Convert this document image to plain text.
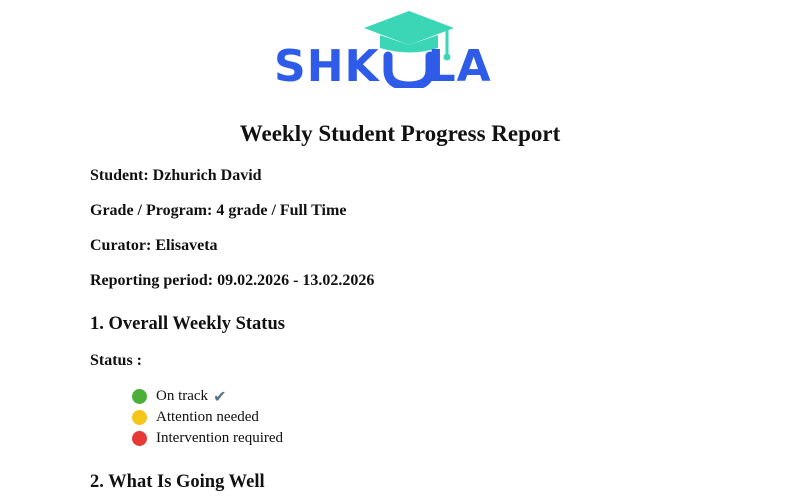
SHK LA
Weekly Student Progress Report

Student: Dzhurich David

Grade / Program: 4 grade / Full Time

Curator: Elisaveta

Reporting period: 09.02.2026 - 13.02.2026

1. Overall Weekly Status

Status :

On track ✔
Attention needed
Intervention required
2. What Is Going Well
